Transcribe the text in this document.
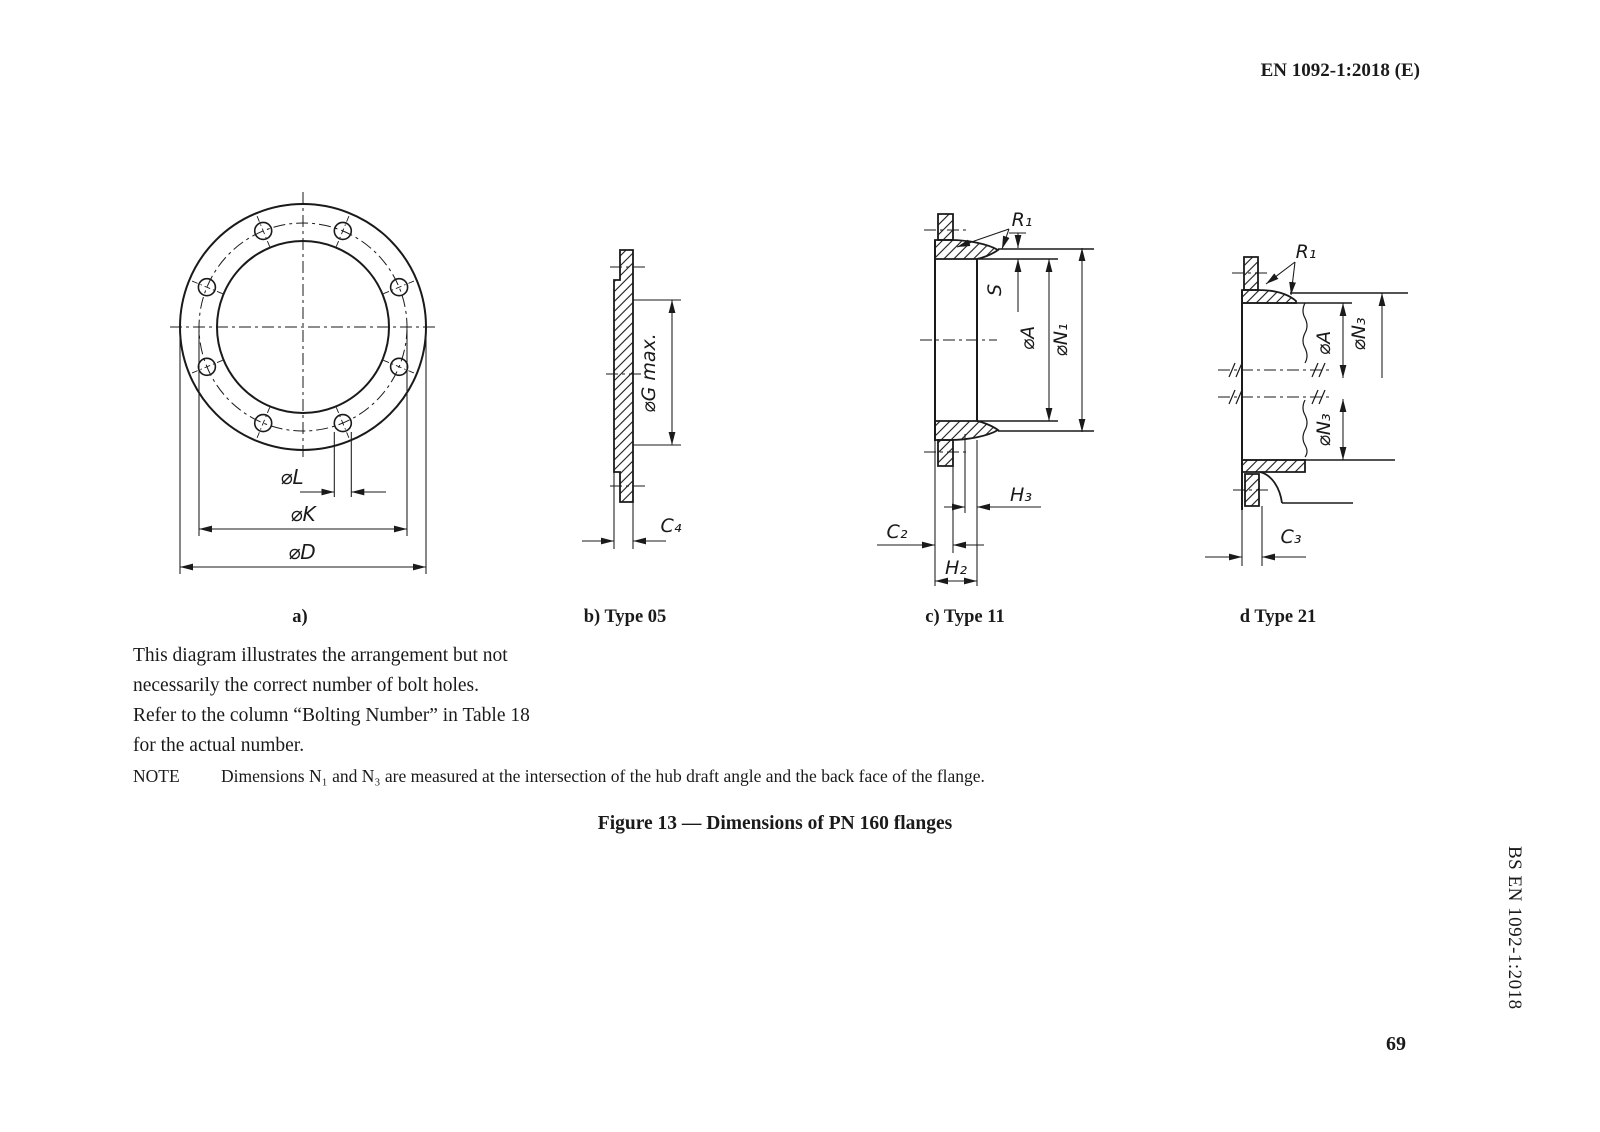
EN 1092-1:2018 (E)
⌀L
⌀K
⌀D
⌀G max.
C₄
R₁
S
⌀A ⌀N₁
H₃
C₂
H₂
R₁
⌀A ⌀N₃
⌀N₃
C₃
a)	b) Type 05	c) Type 11	d Type 21
This diagram illustrates the arrangement but not
necessarily the correct number of bolt holes.
Refer to the column “Bolting Number” in Table 18
for the actual number.
NOTE Dimensions N₁ and N₃ are measured at the intersection of the hub draft angle and the back face of the flange.
Figure 13 — Dimensions of PN 160 flanges
BS EN 1092-1:2018
69
